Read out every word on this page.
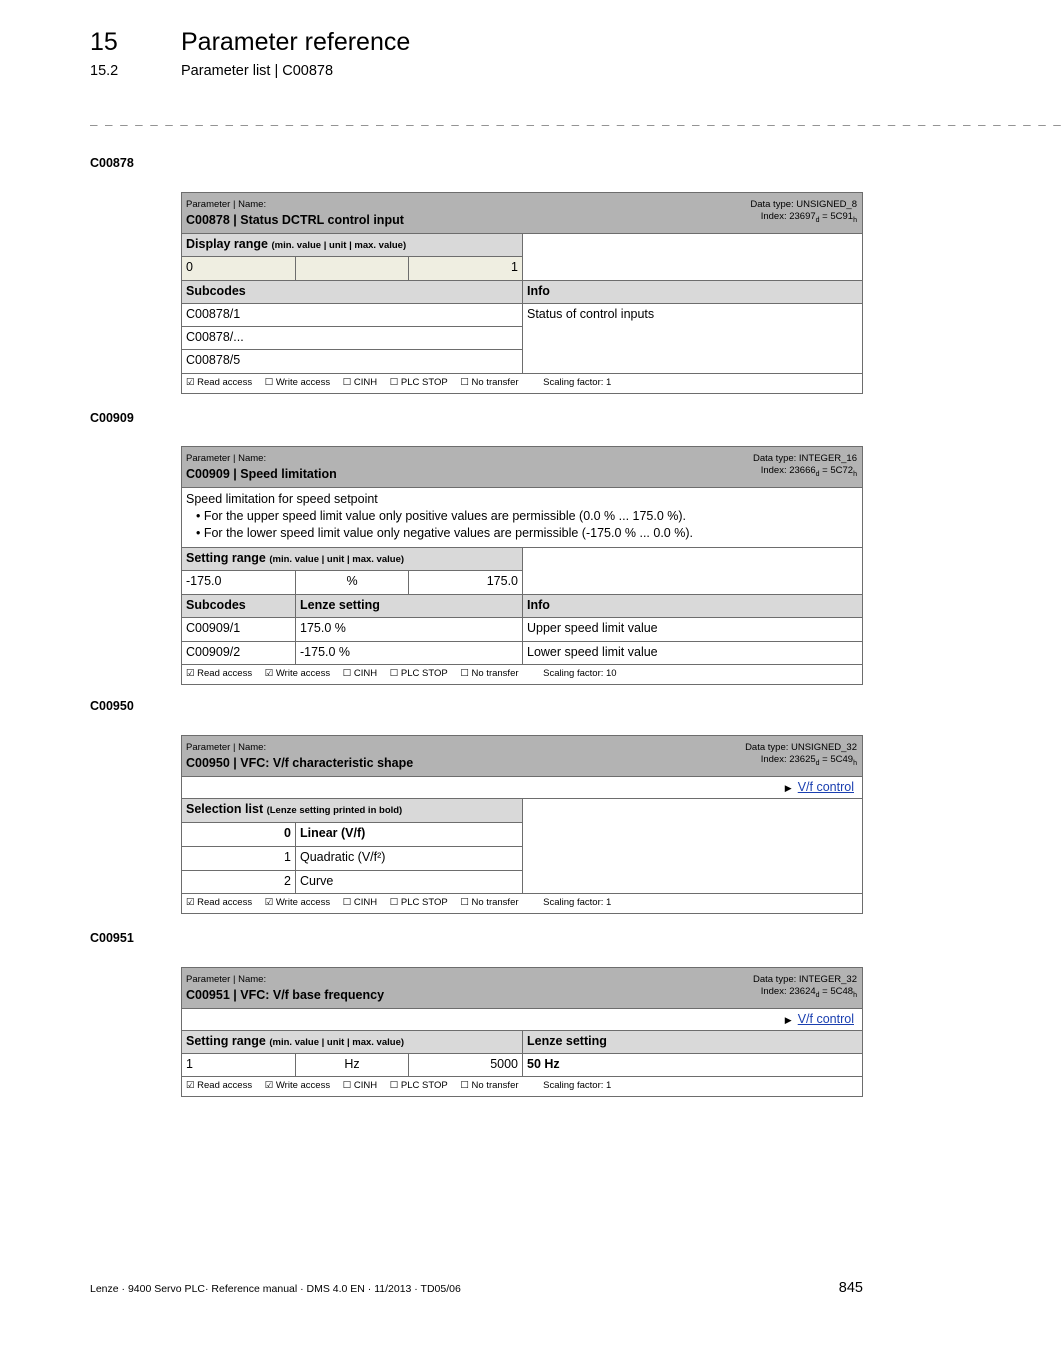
15	Parameter reference
15.2	Parameter list | C00878
_ _ _ _ _ _ _ _ _ _ _ _ _ _ _ _ _ _ _ _ _ _ _ _ _ _ _ _ _ _ _ _ _ _ _ _ _ _ _ _ _ _ _ _ _ _ _ _ _ _ _ _ _ _ _ _ _ _ _ _ _ _ _ _ _
C00878
Parameter | Name:
C00878 | Status DCTRL control input
Data type: UNSIGNED_8
Index: $23697_d = 5C91_h$
Display range (min. value | unit | max. value)
0	1
Subcodes	Info
C00878/1
C00878/...
C00878/5
Status of control inputs
☑ Read access ☐ Write access ☐ CINH ☐ PLC STOP ☐ No transfer	Scaling factor: 1
C00909
Parameter | Name:
C00909 | Speed limitation
Data type: INTEGER_16
Index: $23666_d = 5C72_h$
Speed limitation for speed setpoint
• For the upper speed limit value only positive values are permissible (0.0 % ... 175.0 %).
• For the lower speed limit value only negative values are permissible (-175.0 % ... 0.0 %).
Setting range (min. value | unit | max. value)
-175.0	%	175.0
Subcodes	Lenze setting	Info
C00909/1	175.0 %	Upper speed limit value
C00909/2	-175.0 %	Lower speed limit value
☑ Read access ☑ Write access ☐ CINH ☐ PLC STOP ☐ No transfer	Scaling factor: 10
C00950
Parameter | Name:
C00950 | VFC: V/f characteristic shape
Data type: UNSIGNED_32
Index: $23625_d = 5C49_h$
▶ V/f control
Selection list (Lenze setting printed in bold)
0 Linear (V/f)
1 Quadratic (V/f²)
2 Curve
☑ Read access ☑ Write access ☐ CINH ☐ PLC STOP ☐ No transfer	Scaling factor: 1
C00951
Parameter | Name:
C00951 | VFC: V/f base frequency
Data type: INTEGER_32
Index: $23624_d = 5C48_h$
▶ V/f control
Setting range (min. value | unit | max. value)	Lenze setting
1	Hz	5000 50 Hz
☑ Read access ☑ Write access ☐ CINH ☐ PLC STOP ☐ No transfer	Scaling factor: 1
Lenze · 9400 Servo PLC· Reference manual · DMS 4.0 EN · 11/2013 · TD05/06	845
